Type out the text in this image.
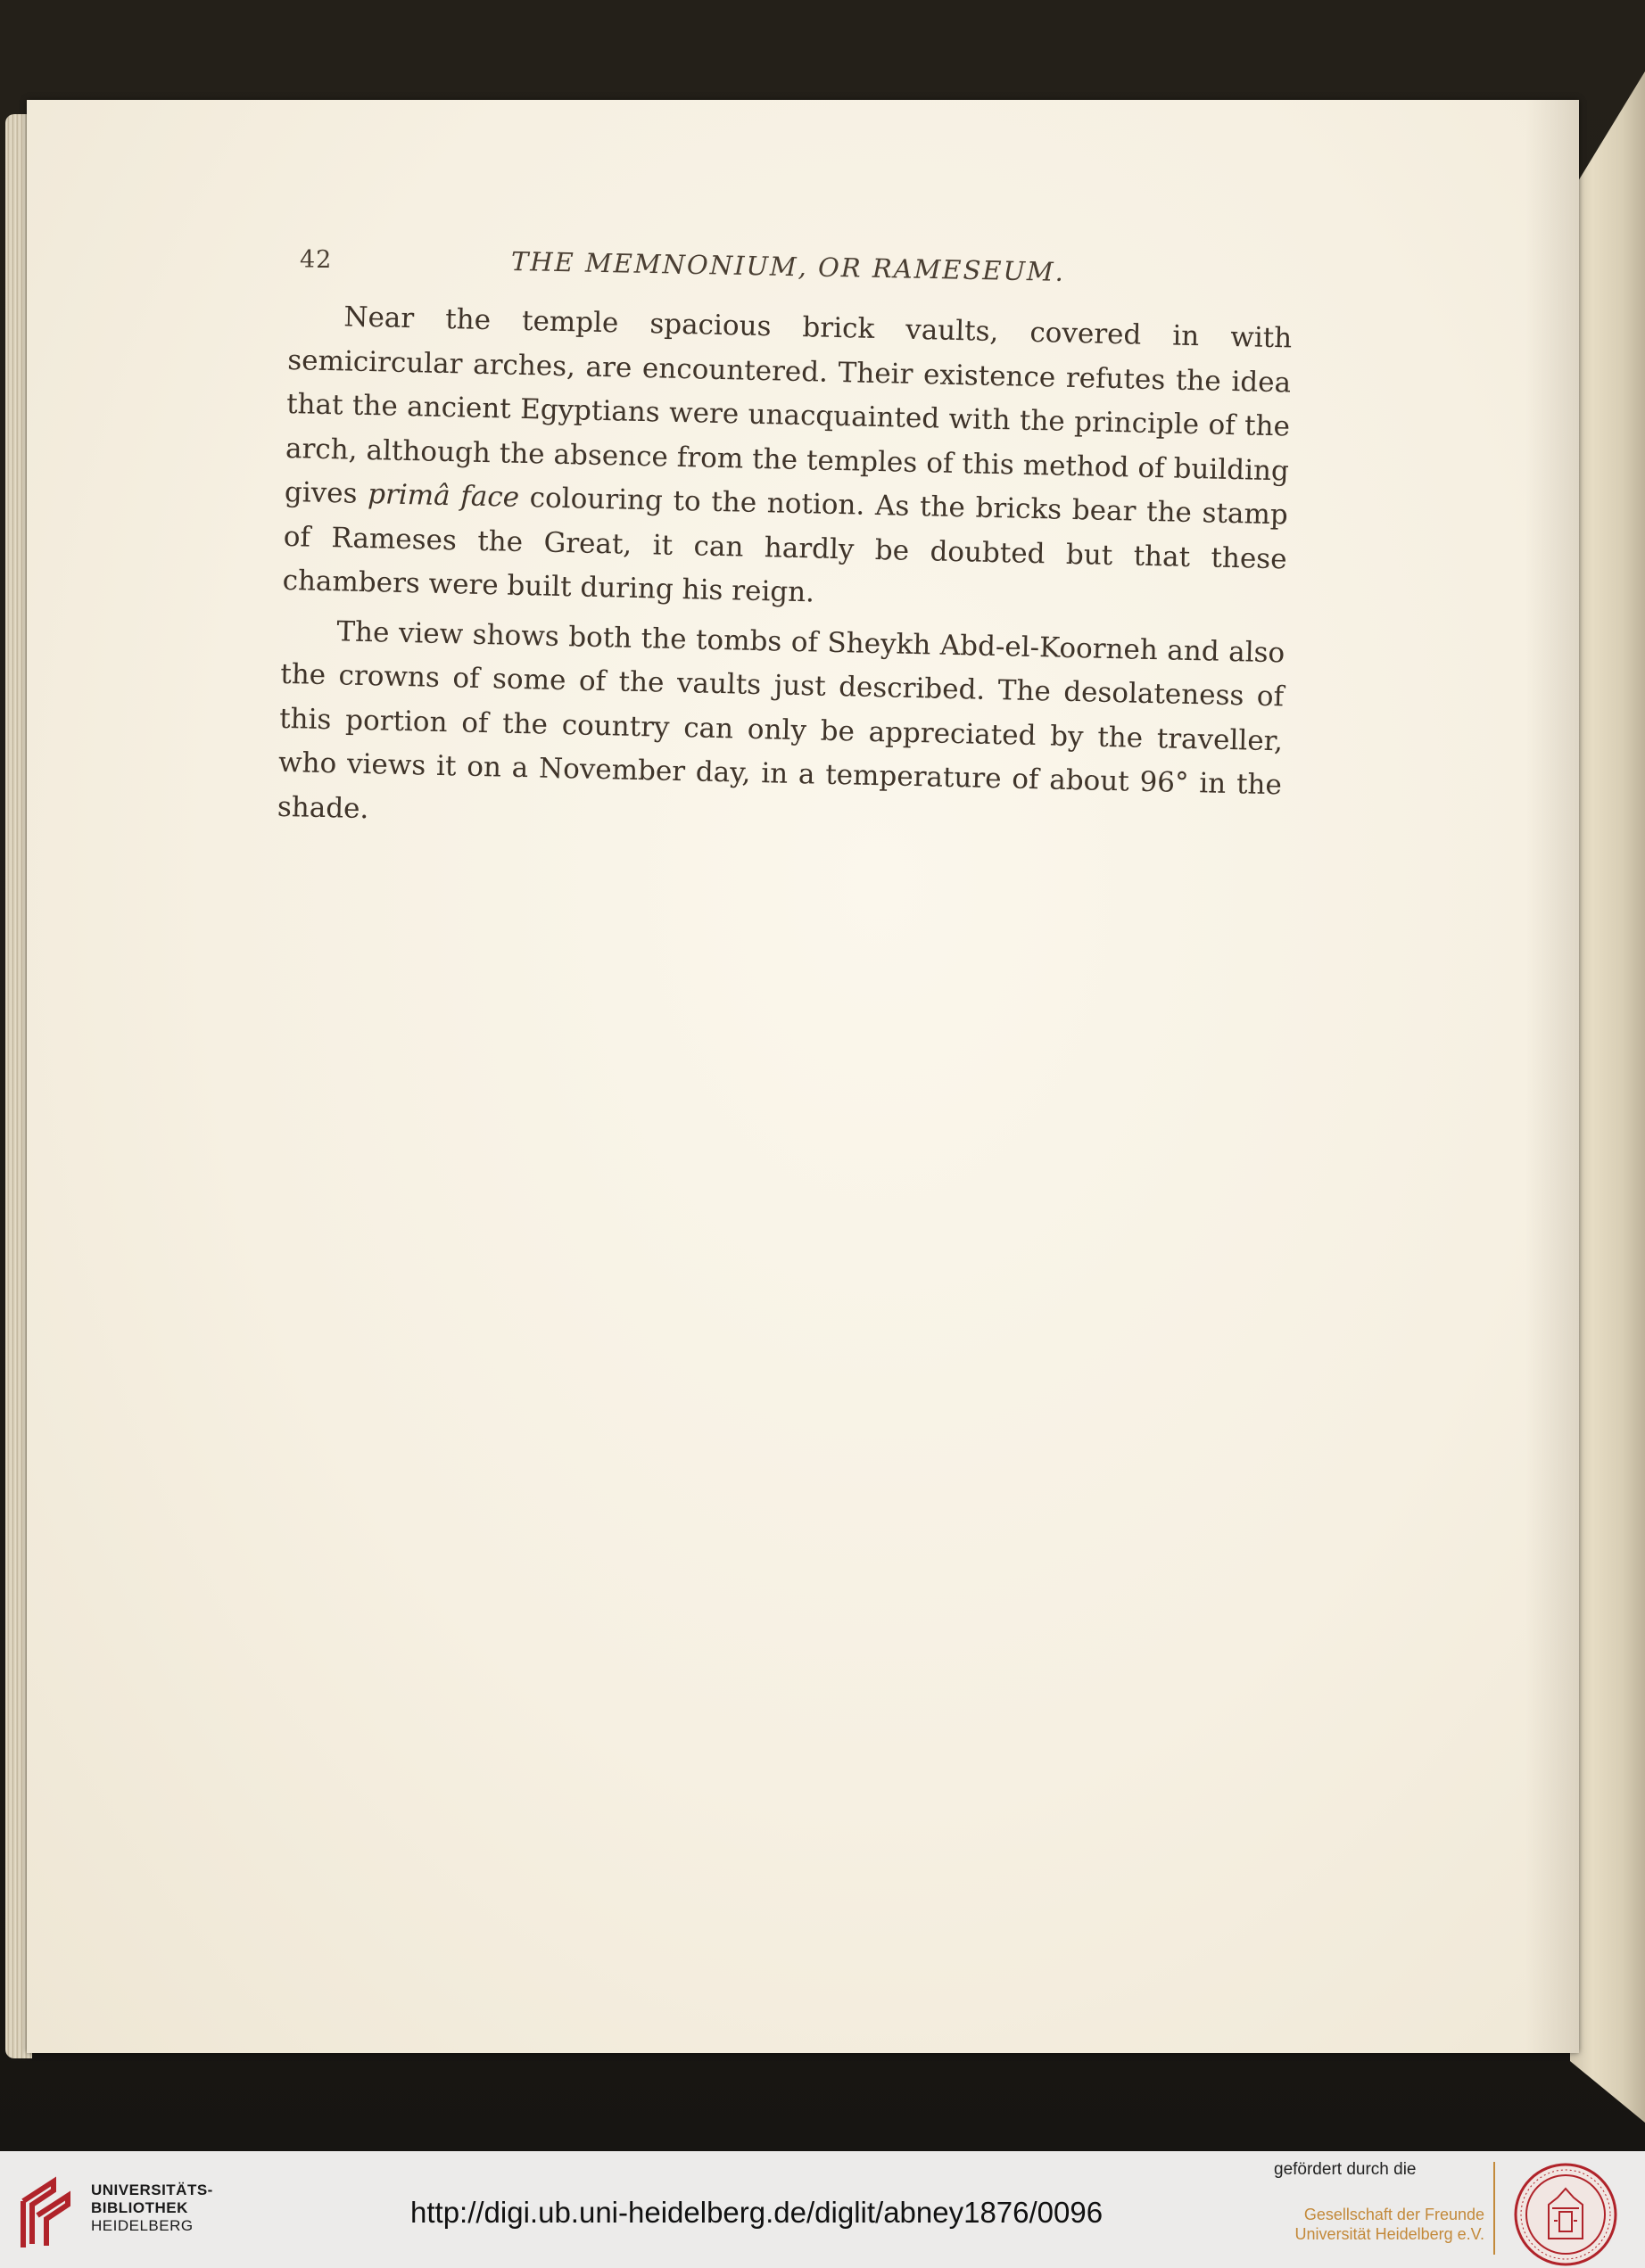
42	THE MEMNONIUM, OR RAMESEUM.

Near the temple spacious brick vaults, covered in with semicircular arches, are encountered. Their existence refutes the idea that the ancient Egyptians were unacquainted with the principle of the arch, although the absence from the temples of this method of building gives primâ face colouring to the notion. As the bricks bear the stamp of Rameses the Great, it can hardly be doubted but that these chambers were built during his reign.

The view shows both the tombs of Sheykh Abd-el-Koorneh and also the crowns of some of the vaults just described. The desolateness of this portion of the country can only be appreciated by the traveller, who views it on a November day, in a temperature of about 96° in the shade.

UNIVERSITÄTS-
BIBLIOTHEK
HEIDELBERG	http://digi.ub.uni-heidelberg.de/diglit/abney1876/0096
gefördert durch die
Gesellschaft der Freunde
Universität Heidelberg e.V.
